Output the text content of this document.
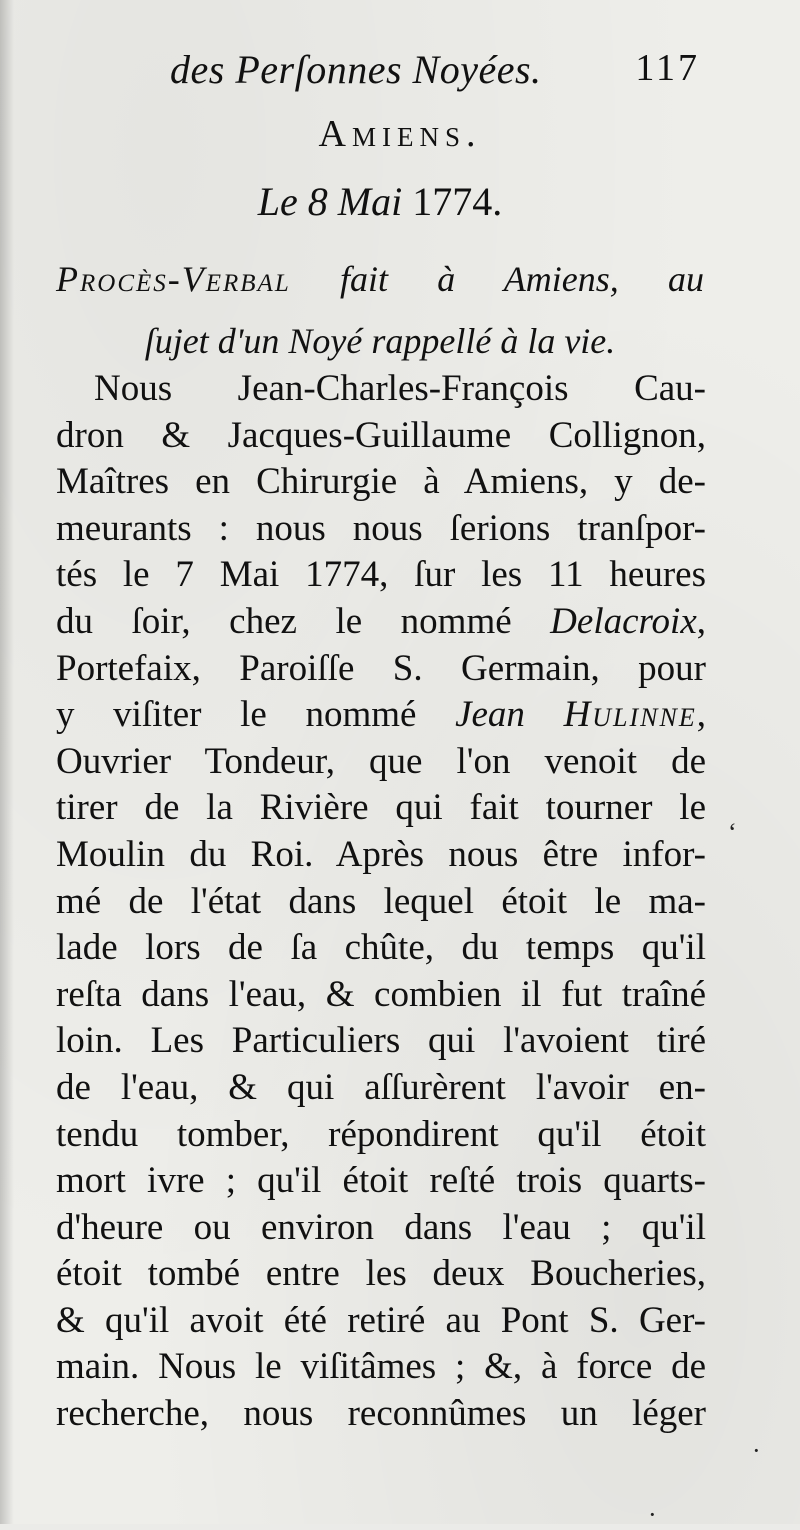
des Perſonnes Noyées. 117
Amiens.
Le 8 Mai 1774.
Procès-Verbal fait à Amiens, au
ſujet d'un Noyé rappellé à la vie.
Nous Jean-Charles-François Cau-
dron & Jacques-Guillaume Collignon,
Maîtres en Chirurgie à Amiens, y de-
meurants : nous nous ſerions tranſpor-
tés le 7 Mai 1774, ſur les 11 heures
du ſoir, chez le nommé Delacroix,
Portefaix, Paroiſſe S. Germain, pour
y viſiter le nommé Jean Hulinne,
Ouvrier Tondeur, que l'on venoit de
tirer de la Rivière qui fait tourner le
Moulin du Roi. Après nous être infor-
mé de l'état dans lequel étoit le ma-
lade lors de ſa chûte, du temps qu'il
reſta dans l'eau, & combien il fut traîné
loin. Les Particuliers qui l'avoient tiré
de l'eau, & qui aſſurèrent l'avoir en-
tendu tomber, répondirent qu'il étoit
mort ivre ; qu'il étoit reſté trois quarts-
d'heure ou environ dans l'eau ; qu'il
étoit tombé entre les deux Boucheries,
& qu'il avoit été retiré au Pont S. Ger-
main. Nous le viſitâmes ; &, à force de
recherche, nous reconnûmes un léger
‘
·
·
